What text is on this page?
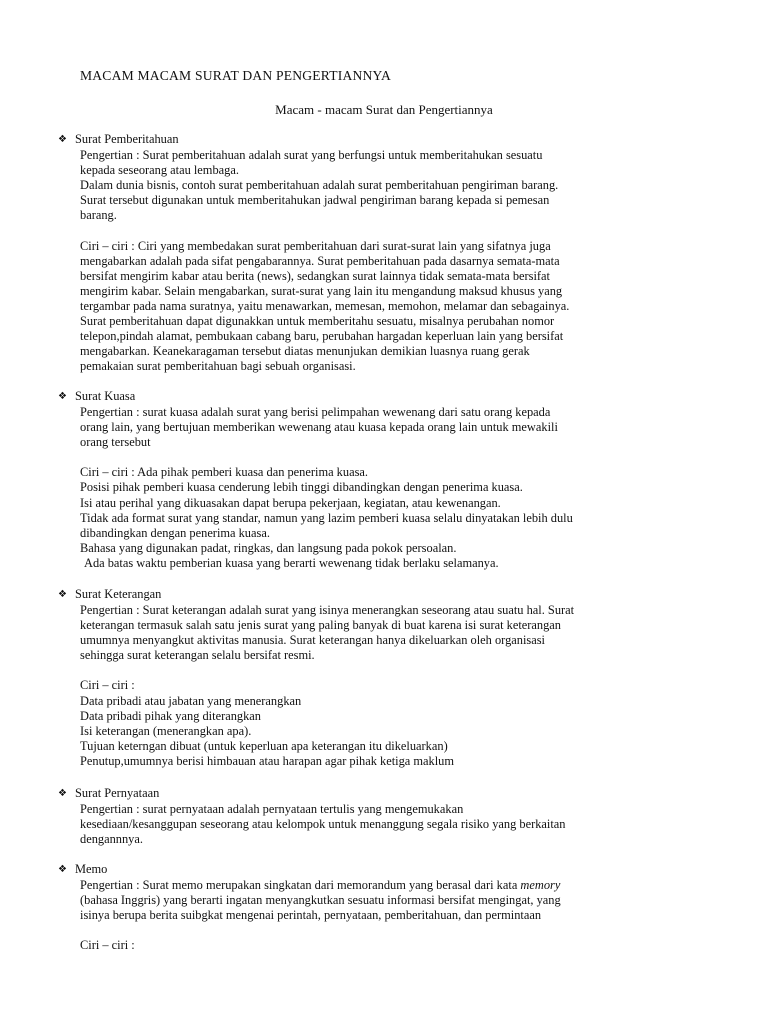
MACAM MACAM SURAT DAN PENGERTIANNYA
Macam - macam Surat dan Pengertiannya
❖ Surat Pemberitahuan
Pengertian : Surat pemberitahuan adalah surat yang berfungsi untuk memberitahukan sesuatu
kepada seseorang atau lembaga.
Dalam dunia bisnis, contoh surat pemberitahuan adalah surat pemberitahuan pengiriman barang.
Surat tersebut digunakan untuk memberitahukan jadwal pengiriman barang kepada si pemesan
barang.
Ciri – ciri : Ciri yang membedakan surat pemberitahuan dari surat-surat lain yang sifatnya juga
mengabarkan adalah pada sifat pengabarannya. Surat pemberitahuan pada dasarnya semata-mata
bersifat mengirim kabar atau berita (news), sedangkan surat lainnya tidak semata-mata bersifat
mengirim kabar. Selain mengabarkan, surat-surat yang lain itu mengandung maksud khusus yang
tergambar pada nama suratnya, yaitu menawarkan, memesan, memohon, melamar dan sebagainya.
Surat pemberitahuan dapat digunakkan untuk memberitahu sesuatu, misalnya perubahan nomor
telepon,pindah alamat, pembukaan cabang baru, perubahan hargadan keperluan lain yang bersifat
mengabarkan. Keanekaragaman tersebut diatas menunjukan demikian luasnya ruang gerak
pemakaian surat pemberitahuan bagi sebuah organisasi.
❖ Surat Kuasa
Pengertian : surat kuasa adalah surat yang berisi pelimpahan wewenang dari satu orang kepada
orang lain, yang bertujuan memberikan wewenang atau kuasa kepada orang lain untuk mewakili
orang tersebut
Ciri – ciri : Ada pihak pemberi kuasa dan penerima kuasa.
Posisi pihak pemberi kuasa cenderung lebih tinggi dibandingkan dengan penerima kuasa.
Isi atau perihal yang dikuasakan dapat berupa pekerjaan, kegiatan, atau kewenangan.
Tidak ada format surat yang standar, namun yang lazim pemberi kuasa selalu dinyatakan lebih dulu
dibandingkan dengan penerima kuasa.
Bahasa yang digunakan padat, ringkas, dan langsung pada pokok persoalan.
Ada batas waktu pemberian kuasa yang berarti wewenang tidak berlaku selamanya.
❖ Surat Keterangan
Pengertian : Surat keterangan adalah surat yang isinya menerangkan seseorang atau suatu hal. Surat
keterangan termasuk salah satu jenis surat yang paling banyak di buat karena isi surat keterangan
umumnya menyangkut aktivitas manusia. Surat keterangan hanya dikeluarkan oleh organisasi
sehingga surat keterangan selalu bersifat resmi.
Ciri – ciri :
Data pribadi atau jabatan yang menerangkan
Data pribadi pihak yang diterangkan
Isi keterangan (menerangkan apa).
Tujuan keterngan dibuat (untuk keperluan apa keterangan itu dikeluarkan)
Penutup,umumnya berisi himbauan atau harapan agar pihak ketiga maklum
❖ Surat Pernyataan
Pengertian : surat pernyataan adalah pernyataan tertulis yang mengemukakan
kesediaan/kesanggupan seseorang atau kelompok untuk menanggung segala risiko yang berkaitan
dengannnya.
❖ Memo
Pengertian : Surat memo merupakan singkatan dari memorandum yang berasal dari kata memory
(bahasa Inggris) yang berarti ingatan menyangkutkan sesuatu informasi bersifat mengingat, yang
isinya berupa berita suibgkat mengenai perintah, pernyataan, pemberitahuan, dan permintaan
Ciri – ciri :
